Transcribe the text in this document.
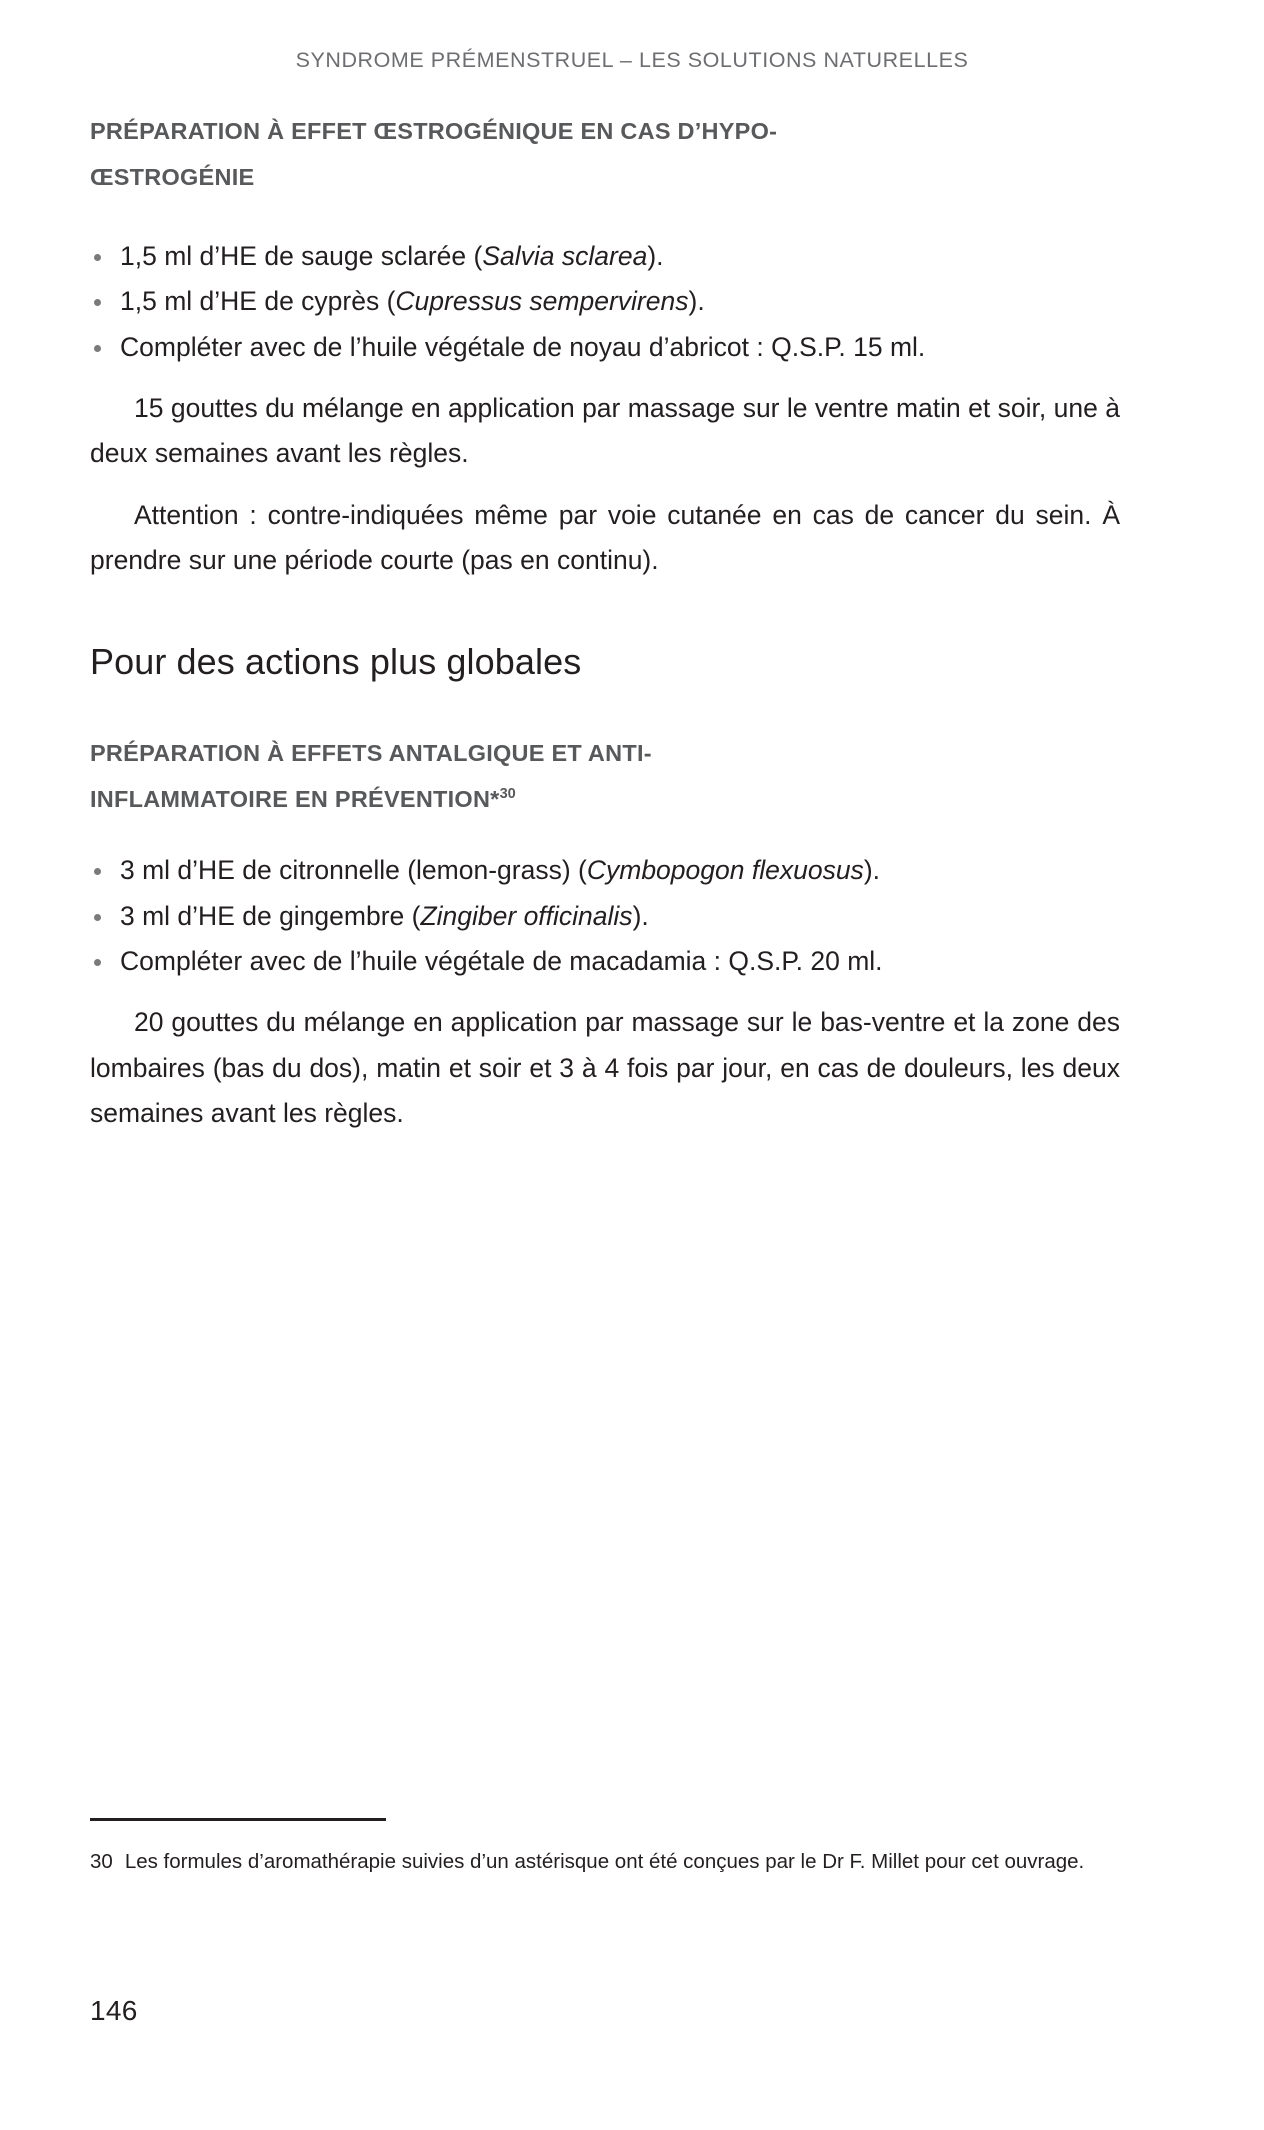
SYNDROME PRÉMENSTRUEL – LES SOLUTIONS NATURELLES
PRÉPARATION À EFFET ŒSTROGÉNIQUE EN CAS D’HYPO-
ŒSTROGÉNIE
1,5 ml d’HE de sauge sclarée (Salvia sclarea).
1,5 ml d’HE de cyprès (Cupressus sempervirens).
Compléter avec de l’huile végétale de noyau d’abricot : Q.S.P. 15 ml.

15 gouttes du mélange en application par massage sur le ventre matin et soir, une à deux semaines avant les règles.

Attention : contre-indiquées même par voie cutanée en cas de cancer du sein. À prendre sur une période courte (pas en continu).

Pour des actions plus globales
PRÉPARATION À EFFETS ANTALGIQUE ET ANTI-
INFLAMMATOIRE EN PRÉVENTION*$^{30}$
3 ml d’HE de citronnelle (lemon-grass) (Cymbopogon flexuosus).
3 ml d’HE de gingembre (Zingiber officinalis).
Compléter avec de l’huile végétale de macadamia : Q.S.P. 20 ml.

20 gouttes du mélange en application par massage sur le bas-ventre et la zone des lombaires (bas du dos), matin et soir et 3 à 4 fois par jour, en cas de douleurs, les deux semaines avant les règles.

30 Les formules d’aromathérapie suivies d’un astérisque ont été conçues par le Dr F. Millet pour cet ouvrage.

146
